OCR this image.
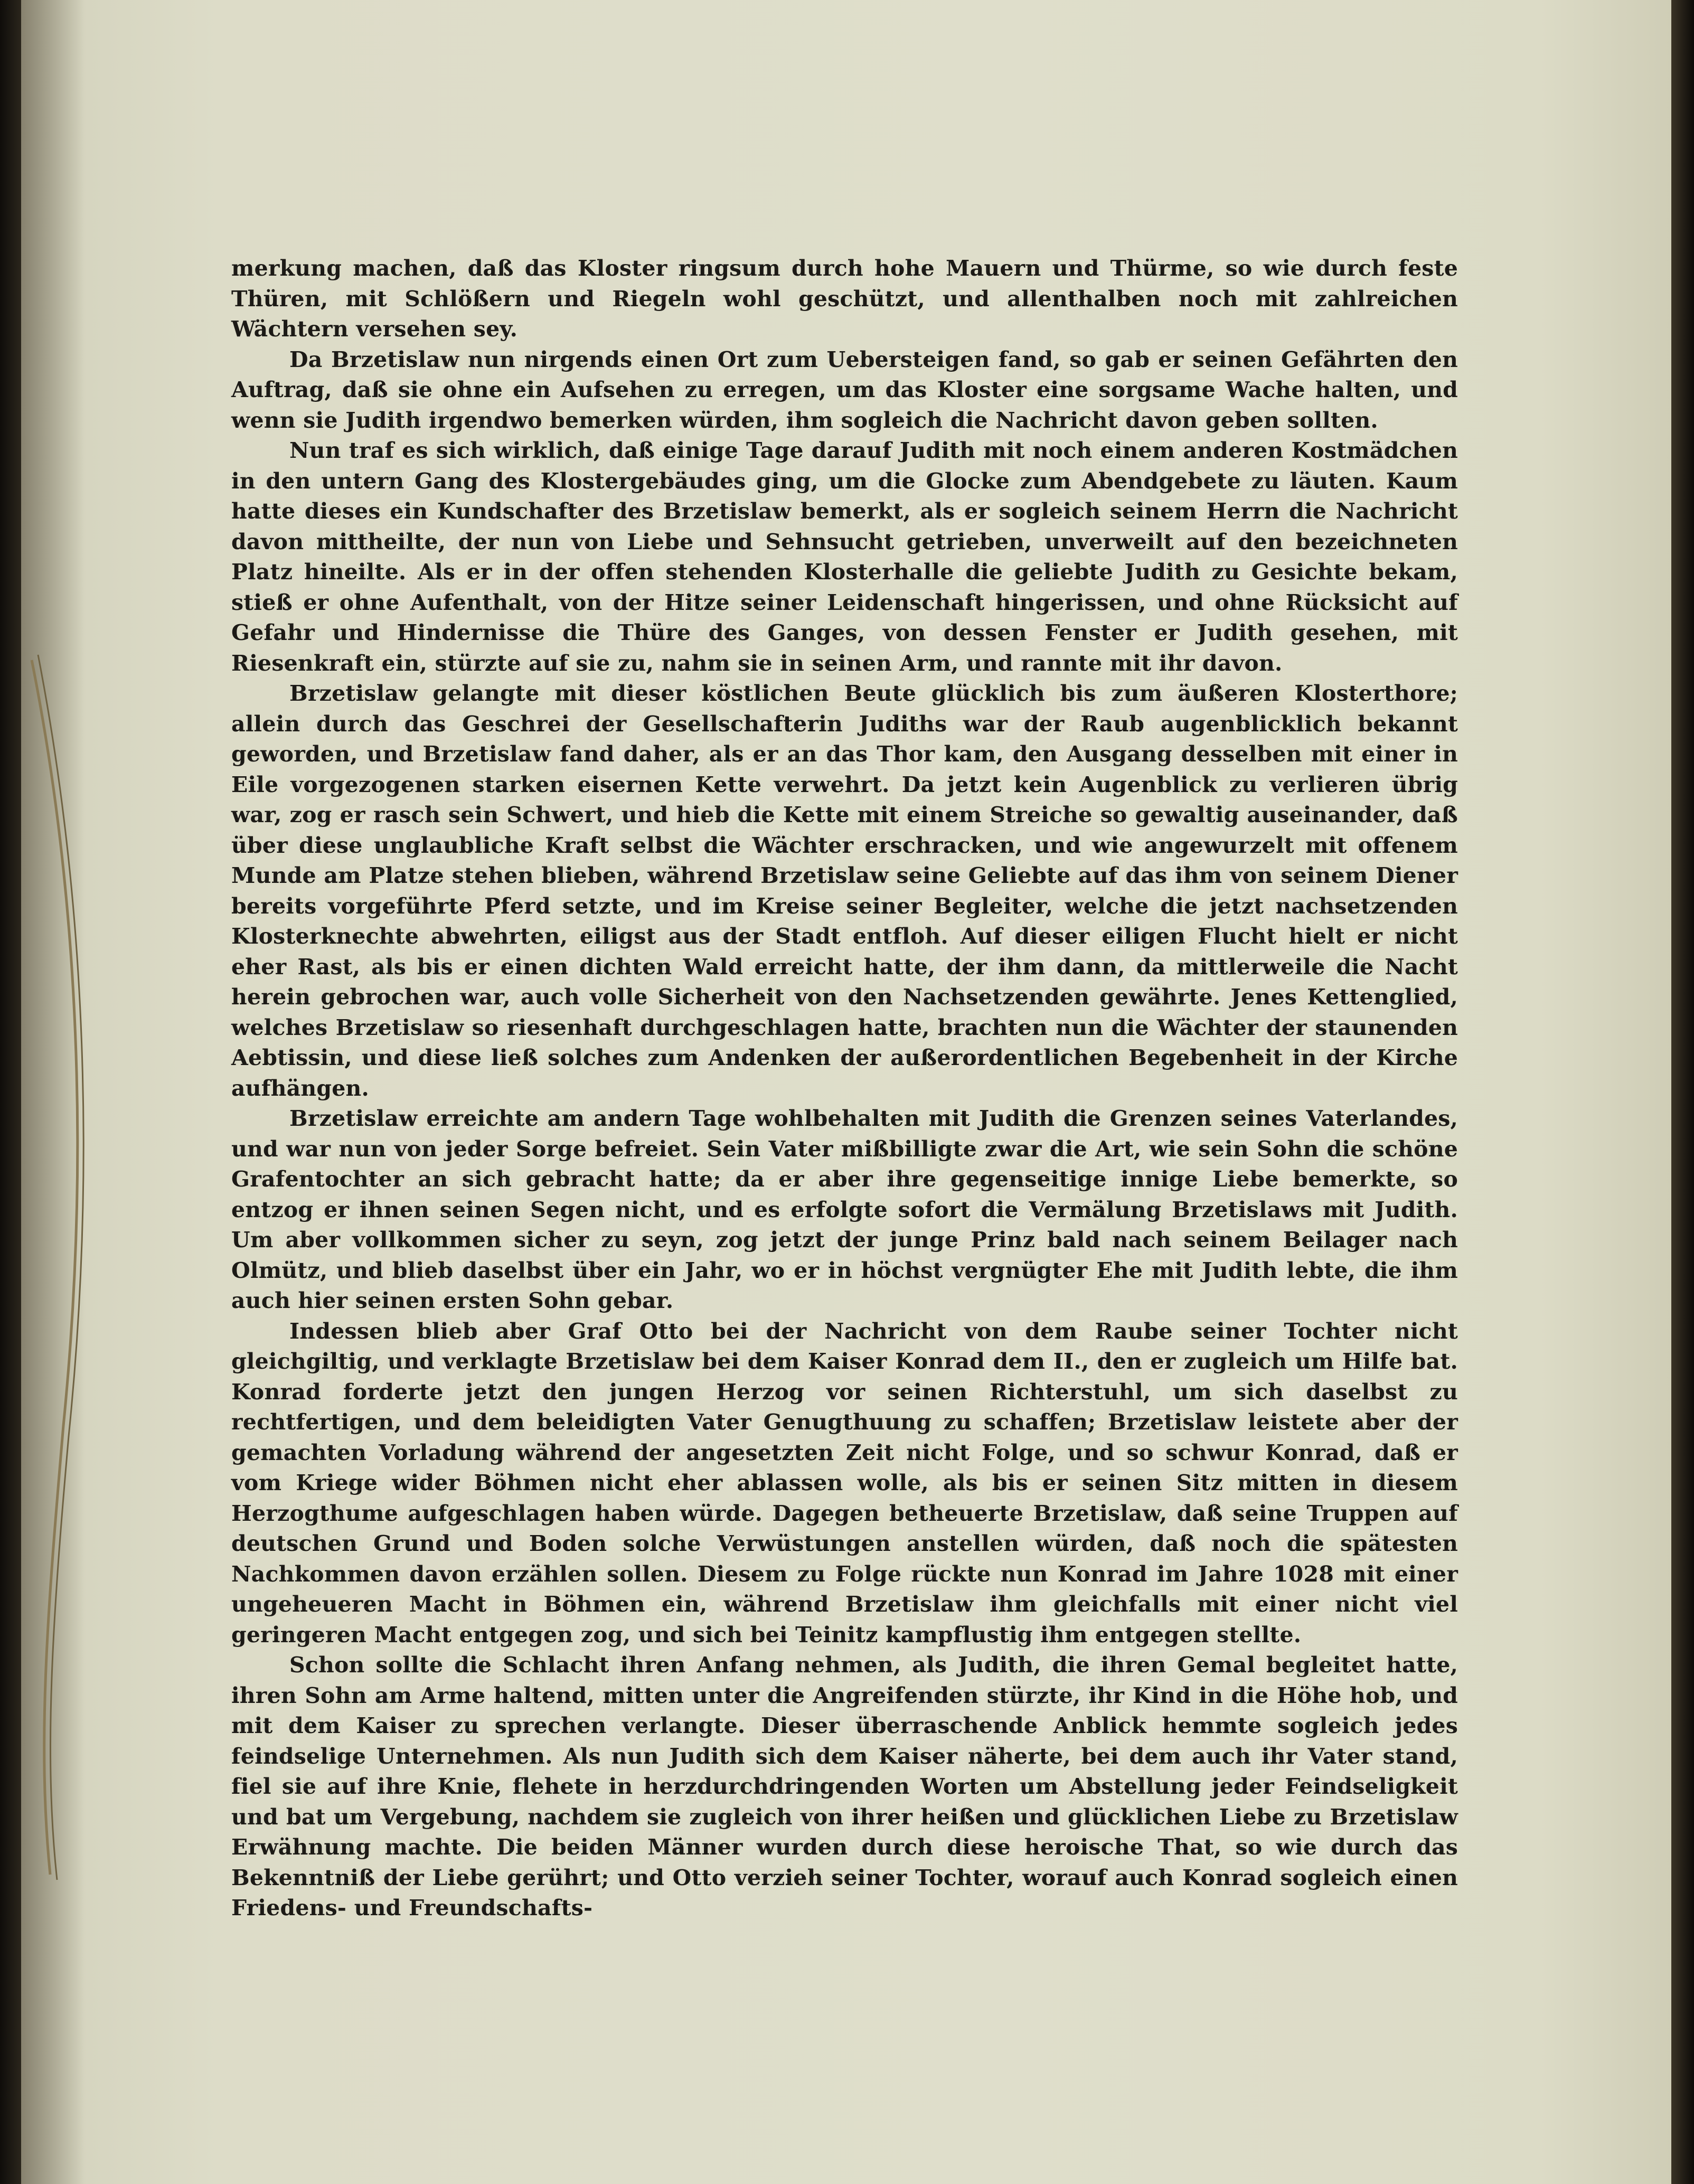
merkung machen, daß das Kloster ringsum durch hohe Mauern und Thürme, so wie durch feste Thüren, mit Schlößern und Riegeln wohl geschützt, und allenthalben noch mit zahlreichen Wächtern versehen sey.

Da Brzetislaw nun nirgends einen Ort zum Uebersteigen fand, so gab er seinen Gefährten den Auftrag, daß sie ohne ein Aufsehen zu erregen, um das Kloster eine sorgsame Wache halten, und wenn sie Judith irgendwo bemerken würden, ihm sogleich die Nachricht davon geben sollten.

Nun traf es sich wirklich, daß einige Tage darauf Judith mit noch einem anderen Kostmädchen in den untern Gang des Klostergebäudes ging, um die Glocke zum Abendgebete zu läuten. Kaum hatte dieses ein Kundschafter des Brzetislaw bemerkt, als er sogleich seinem Herrn die Nachricht davon mittheilte, der nun von Liebe und Sehnsucht getrieben, unverweilt auf den bezeichneten Platz hineilte. Als er in der offen stehenden Klosterhalle die geliebte Judith zu Gesichte bekam, stieß er ohne Aufenthalt, von der Hitze seiner Leidenschaft hingerissen, und ohne Rücksicht auf Gefahr und Hindernisse die Thüre des Ganges, von dessen Fenster er Judith gesehen, mit Riesenkraft ein, stürzte auf sie zu, nahm sie in seinen Arm, und rannte mit ihr davon.

Brzetislaw gelangte mit dieser köstlichen Beute glücklich bis zum äußeren Klosterthore; allein durch das Geschrei der Gesellschafterin Judiths war der Raub augenblicklich bekannt geworden, und Brzetislaw fand daher, als er an das Thor kam, den Ausgang desselben mit einer in Eile vorgezogenen starken eisernen Kette verwehrt. Da jetzt kein Augenblick zu verlieren übrig war, zog er rasch sein Schwert, und hieb die Kette mit einem Streiche so gewaltig auseinander, daß über diese unglaubliche Kraft selbst die Wächter erschracken, und wie angewurzelt mit offenem Munde am Platze stehen blieben, während Brzetislaw seine Geliebte auf das ihm von seinem Diener bereits vorgeführte Pferd setzte, und im Kreise seiner Begleiter, welche die jetzt nachsetzenden Klosterknechte abwehrten, eiligst aus der Stadt entfloh. Auf dieser eiligen Flucht hielt er nicht eher Rast, als bis er einen dichten Wald erreicht hatte, der ihm dann, da mittlerweile die Nacht herein gebrochen war, auch volle Sicherheit von den Nachsetzenden gewährte. Jenes Kettenglied, welches Brzetislaw so riesenhaft durchgeschlagen hatte, brachten nun die Wächter der staunenden Aebtissin, und diese ließ solches zum Andenken der außerordentlichen Begebenheit in der Kirche aufhängen.

Brzetislaw erreichte am andern Tage wohlbehalten mit Judith die Grenzen seines Vaterlandes, und war nun von jeder Sorge befreiet. Sein Vater mißbilligte zwar die Art, wie sein Sohn die schöne Grafentochter an sich gebracht hatte; da er aber ihre gegenseitige innige Liebe bemerkte, so entzog er ihnen seinen Segen nicht, und es erfolgte sofort die Vermälung Brzetislaws mit Judith. Um aber vollkommen sicher zu seyn, zog jetzt der junge Prinz bald nach seinem Beilager nach Olmütz, und blieb daselbst über ein Jahr, wo er in höchst vergnügter Ehe mit Judith lebte, die ihm auch hier seinen ersten Sohn gebar.

Indessen blieb aber Graf Otto bei der Nachricht von dem Raube seiner Tochter nicht gleichgiltig, und verklagte Brzetislaw bei dem Kaiser Konrad dem II., den er zugleich um Hilfe bat. Konrad forderte jetzt den jungen Herzog vor seinen Richterstuhl, um sich daselbst zu rechtfertigen, und dem beleidigten Vater Genugthuung zu schaffen; Brzetislaw leistete aber der gemachten Vorladung während der angesetzten Zeit nicht Folge, und so schwur Konrad, daß er vom Kriege wider Böhmen nicht eher ablassen wolle, als bis er seinen Sitz mitten in diesem Herzogthume aufgeschlagen haben würde. Dagegen betheuerte Brzetislaw, daß seine Truppen auf deutschen Grund und Boden solche Verwüstungen anstellen würden, daß noch die spätesten Nachkommen davon erzählen sollen. Diesem zu Folge rückte nun Konrad im Jahre 1028 mit einer ungeheueren Macht in Böhmen ein, während Brzetislaw ihm gleichfalls mit einer nicht viel geringeren Macht entgegen zog, und sich bei Teinitz kampflustig ihm entgegen stellte.

Schon sollte die Schlacht ihren Anfang nehmen, als Judith, die ihren Gemal begleitet hatte, ihren Sohn am Arme haltend, mitten unter die Angreifenden stürzte, ihr Kind in die Höhe hob, und mit dem Kaiser zu sprechen verlangte. Dieser überraschende Anblick hemmte sogleich jedes feindselige Unternehmen. Als nun Judith sich dem Kaiser näherte, bei dem auch ihr Vater stand, fiel sie auf ihre Knie, flehete in herzdurchdringenden Worten um Abstellung jeder Feindseligkeit und bat um Vergebung, nachdem sie zugleich von ihrer heißen und glücklichen Liebe zu Brzetislaw Erwähnung machte. Die beiden Männer wurden durch diese heroische That, so wie durch das Bekenntniß der Liebe gerührt; und Otto verzieh seiner Tochter, worauf auch Konrad sogleich einen Friedens- und Freundschafts-
